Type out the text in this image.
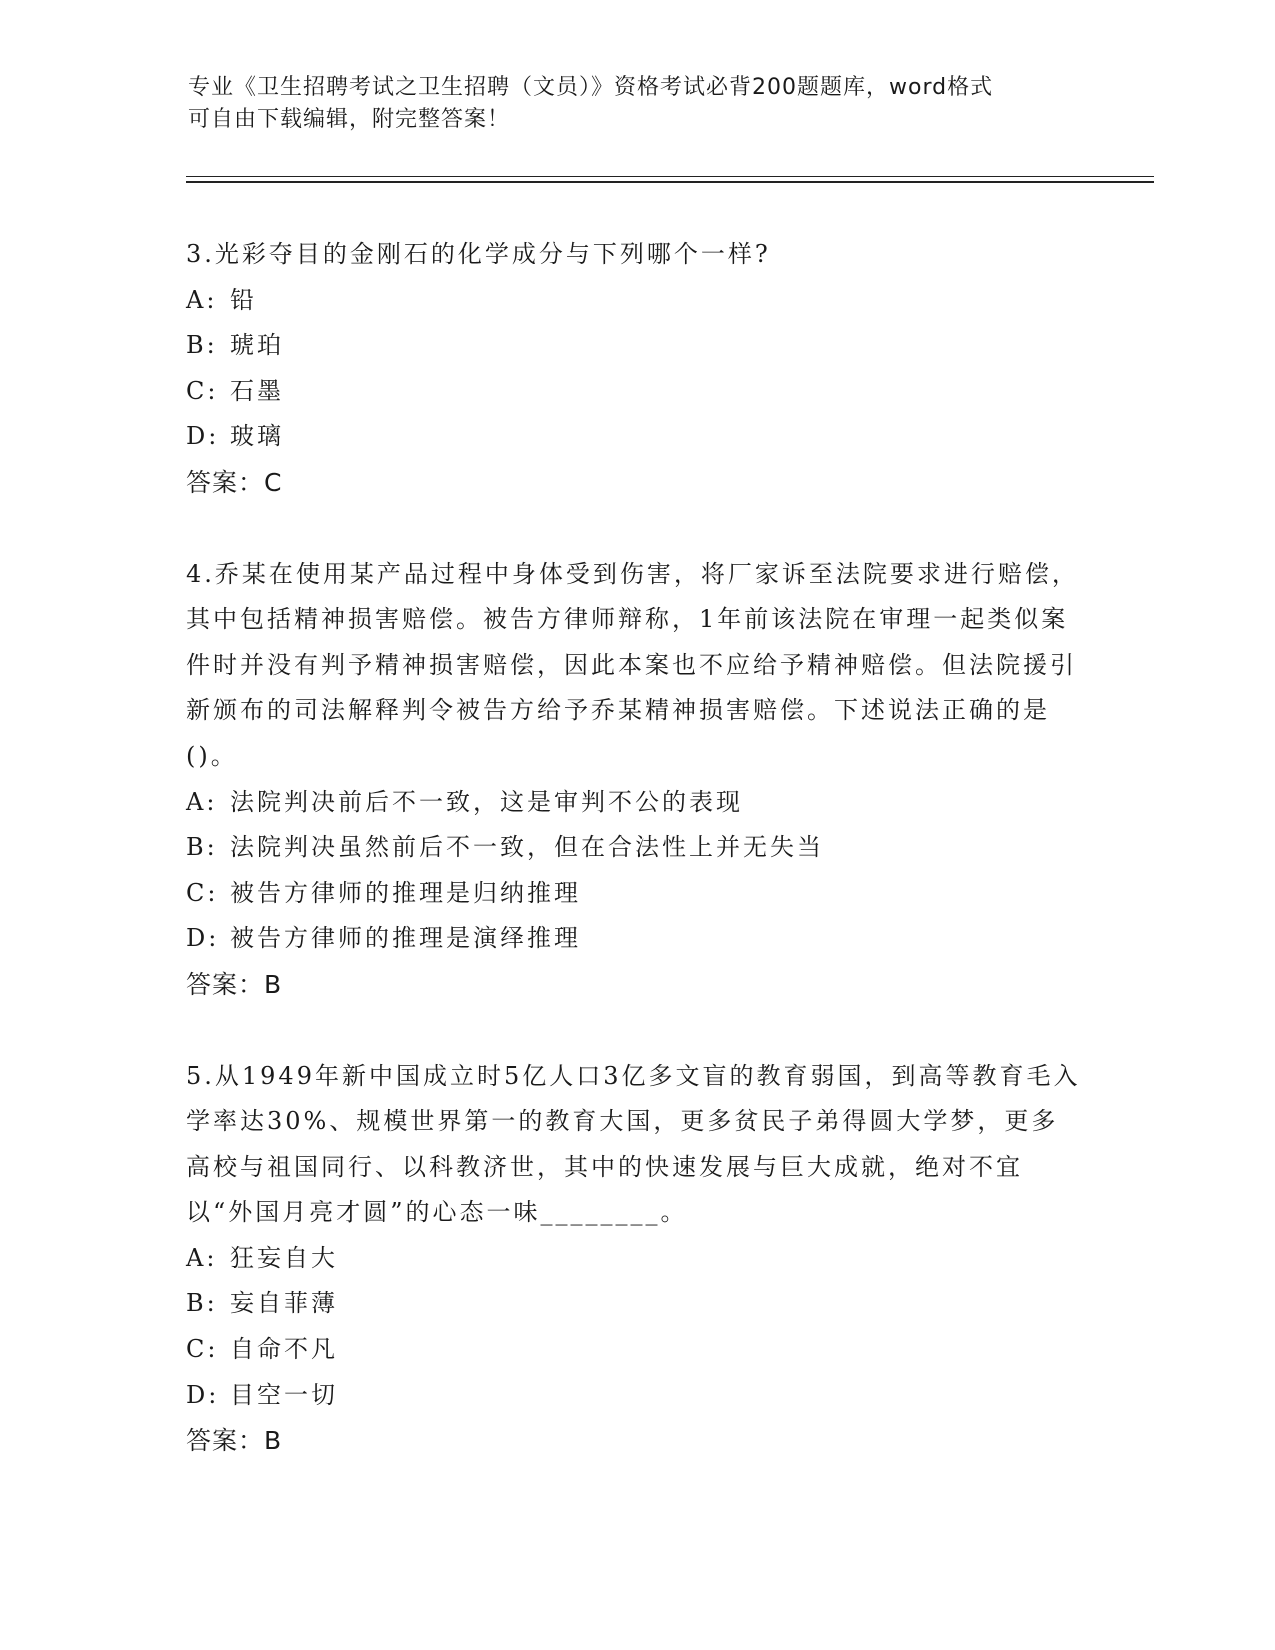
专业《卫生招聘考试之卫生招聘（文员）》资格考试必背200题题库，word格式
可自由下载编辑，附完整答案！

3.光彩夺目的金刚石的化学成分与下列哪个一样?

A: 铅
B: 琥珀
C: 石墨
D: 玻璃
答案：C

4.乔某在使用某产品过程中身体受到伤害，将厂家诉至法院要求进行赔偿，其中包括精神损害赔偿。被告方律师辩称，1年前该法院在审理一起类似案件时并没有判予精神损害赔偿，因此本案也不应给予精神赔偿。但法院援引新颁布的司法解释判令被告方给予乔某精神损害赔偿。下述说法正确的是()。

A: 法院判决前后不一致，这是审判不公的表现
B: 法院判决虽然前后不一致，但在合法性上并无失当
C: 被告方律师的推理是归纳推理
D: 被告方律师的推理是演绎推理
答案：B

5.从1949年新中国成立时5亿人口3亿多文盲的教育弱国，到高等教育毛入学率达30%、规模世界第一的教育大国，更多贫民子弟得圆大学梦，更多高校与祖国同行、以科教济世，其中的快速发展与巨大成就，绝对不宜以“外国月亮才圆”的心态一味________。

A: 狂妄自大
B: 妄自菲薄
C: 自命不凡
D: 目空一切
答案：B
